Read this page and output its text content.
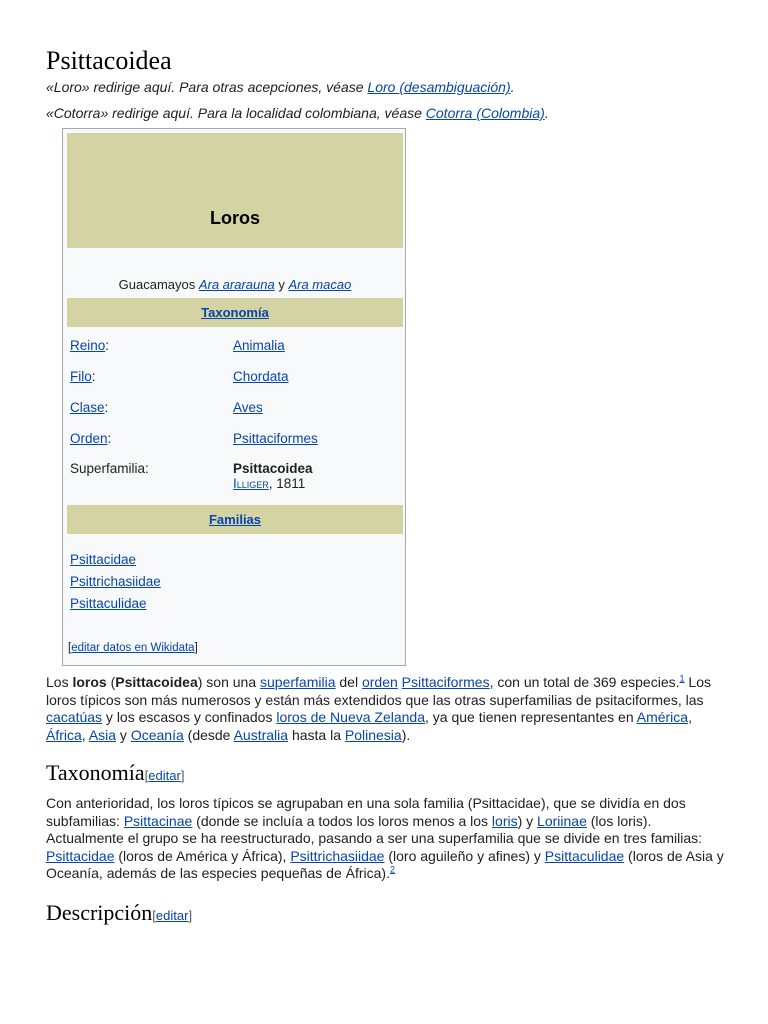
Psittacoidea

«Loro» redirige aquí. Para otras acepciones, véase Loro (desambiguación).

«Cotorra» redirige aquí. Para la localidad colombiana, véase Cotorra (Colombia).

Loros
Guacamayos Ara ararauna y Ara macao
Taxonomía
Reino:	Animalia
Filo:	Chordata
Clase:	Aves
Orden:	Psittaciformes
Superfamilia:	Psittacoidea
Illiger, 1811
Familias
Psittacidae
Psittrichasiidae
Psittaculidae
[editar datos en Wikidata]

Los loros (Psittacoidea) son una superfamilia del orden Psittaciformes, con un total de 369 especies.$^1$ Los loros típicos son más numerosos y están más extendidos que las otras superfamilias de psitaciformes, las cacatúas y los escasos y confinados loros de Nueva Zelanda, ya que tienen representantes en América, África, Asia y Oceanía (desde Australia hasta la Polinesia).

Taxonomía[editar]

Con anterioridad, los loros típicos se agrupaban en una sola familia (Psittacidae), que se dividía en dos subfamilias: Psittacinae (donde se incluía a todos los loros menos a los loris) y Loriinae (los loris). Actualmente el grupo se ha reestructurado, pasando a ser una superfamilia que se divide en tres familias: Psittacidae (loros de América y África), Psittrichasiidae (loro aguileño y afines) y Psittaculidae (loros de Asia y Oceanía, además de las especies pequeñas de África).$^2$

Descripción[editar]
